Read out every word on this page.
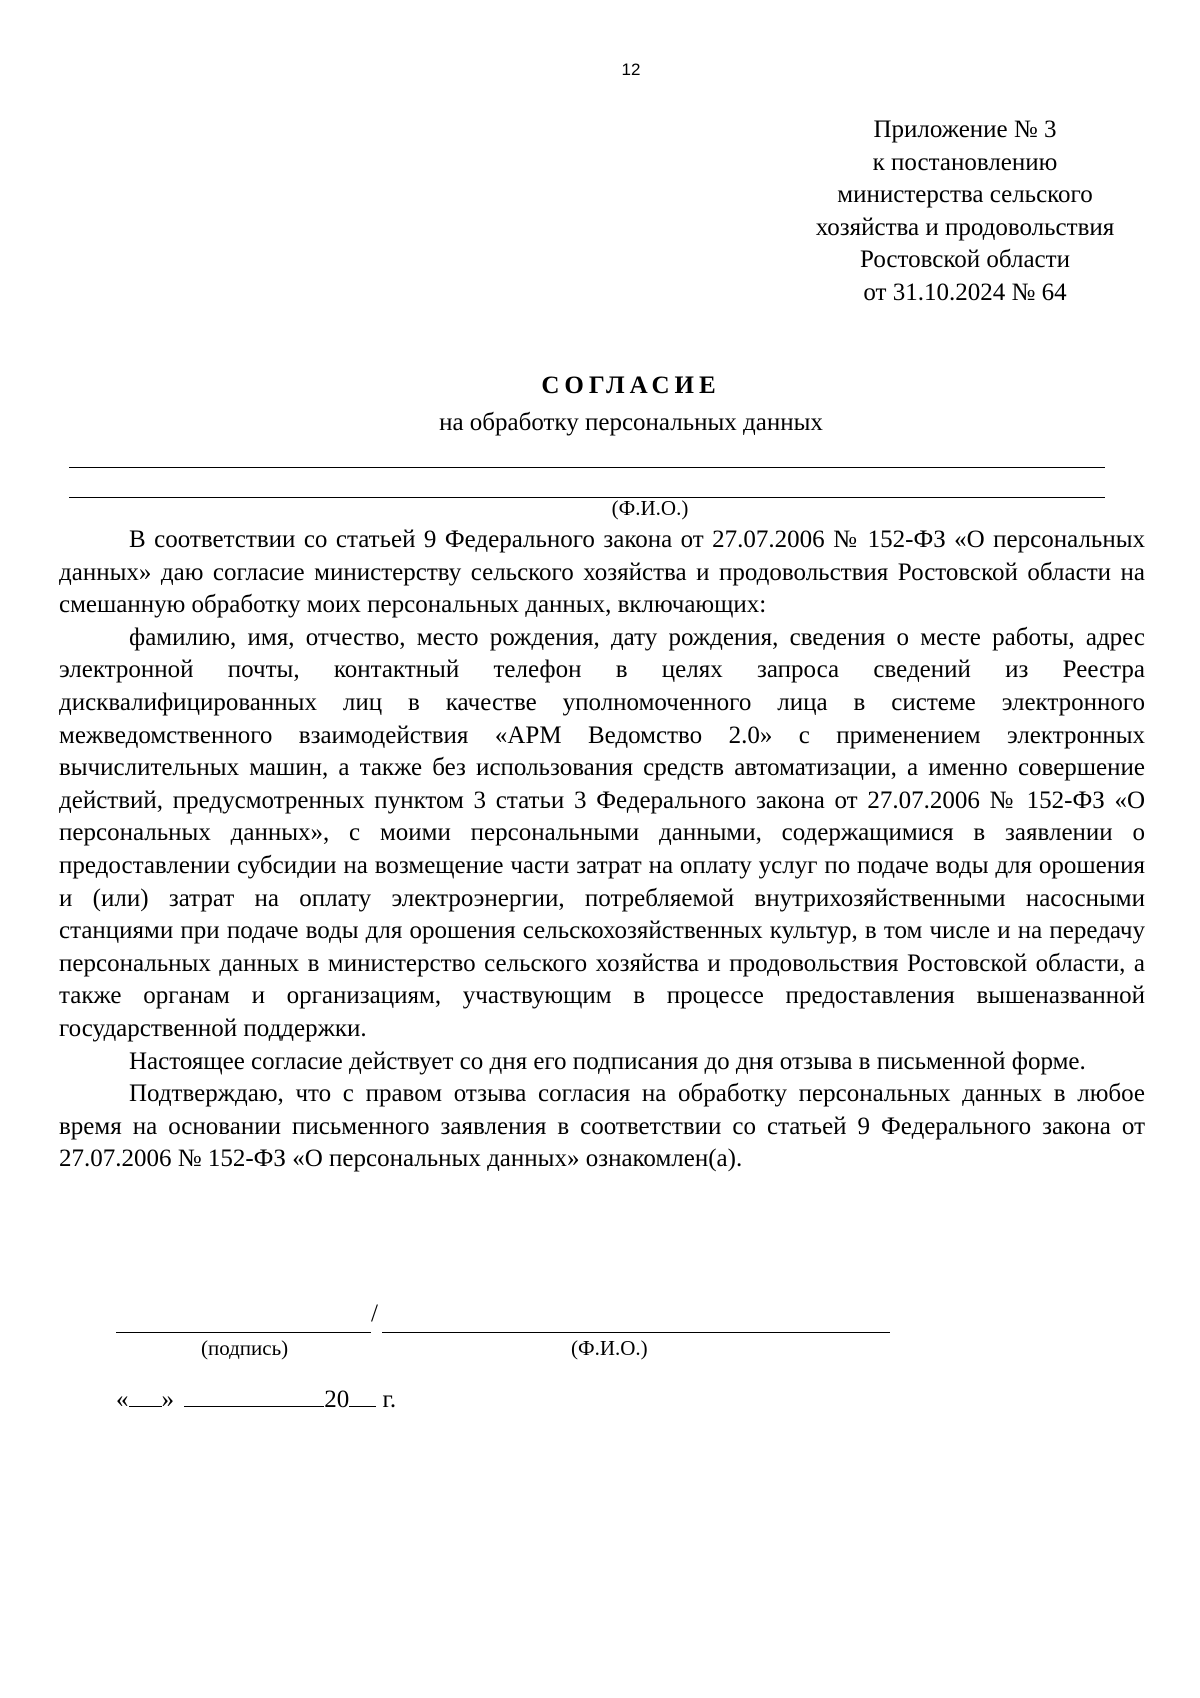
12
Приложение № 3
к постановлению
министерства сельского
хозяйства и продовольствия
Ростовской области
от 31.10.2024 № 64
СОГЛАСИЕ
на обработку персональных данных
(Ф.И.О.)

В соответствии со статьей 9 Федерального закона от 27.07.2006 № 152-ФЗ «О персональных данных» даю согласие министерству сельского хозяйства и продовольствия Ростовской области на смешанную обработку моих персональных данных, включающих:

фамилию, имя, отчество, место рождения, дату рождения, сведения о месте работы, адрес электронной почты, контактный телефон в целях запроса сведений из Реестра дисквалифицированных лиц в качестве уполномоченного лица в системе электронного межведомственного взаимодействия «АРМ Ведомство 2.0» с применением электронных вычислительных машин, а также без использования средств автоматизации, а именно совершение действий, предусмотренных пунктом 3 статьи 3 Федерального закона от 27.07.2006 № 152-ФЗ «О персональных данных», с моими персональными данными, содержащимися в заявлении о предоставлении субсидии на возмещение части затрат на оплату услуг по подаче воды для орошения и (или) затрат на оплату электроэнергии, потребляемой внутрихозяйственными насосными станциями при подаче воды для орошения сельскохозяйственных культур, в том числе и на передачу персональных данных в министерство сельского хозяйства и продовольствия Ростовской области, а также органам и организациям, участвующим в процессе предоставления вышеназванной государственной поддержки.

Настоящее согласие действует со дня его подписания до дня отзыва в письменной форме.

Подтверждаю, что с правом отзыва согласия на обработку персональных данных в любое время на основании письменного заявления в соответствии со статьей 9 Федерального закона от 27.07.2006 № 152-ФЗ «О персональных данных» ознакомлен(а).

/
(подпись)	(Ф.И.О.)
« »	20 г.
